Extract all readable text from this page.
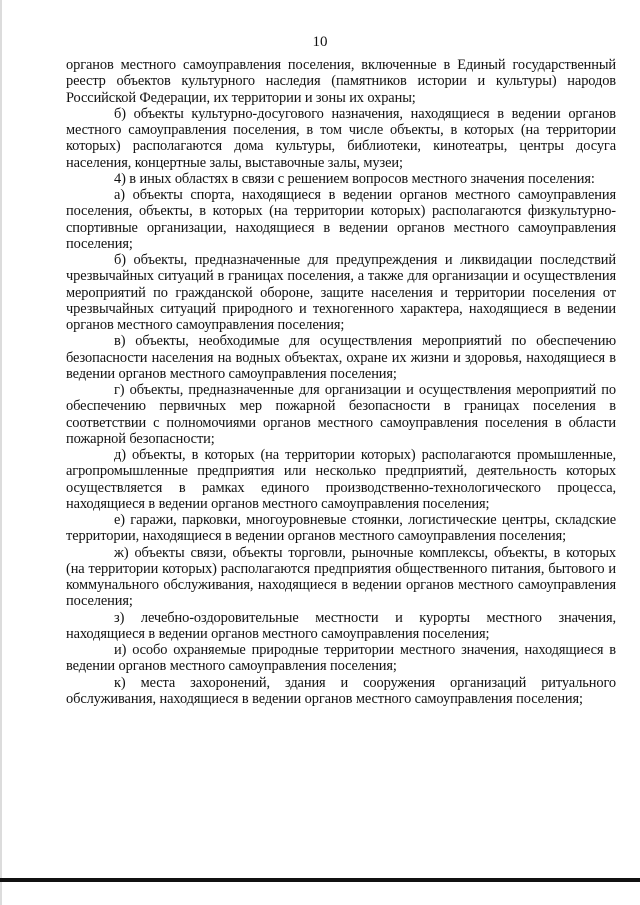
10

органов местного самоуправления поселения, включенные в Единый государственный реестр объектов культурного наследия (памятников истории и культуры) народов Российской Федерации, их территории и зоны их охраны;

б) объекты культурно-досугового назначения, находящиеся в ведении органов местного самоуправления поселения, в том числе объекты, в которых (на территории которых) располагаются дома культуры, библиотеки, кинотеатры, центры досуга населения, концертные залы, выставочные залы, музеи;

4) в иных областях в связи с решением вопросов местного значения поселения:

а) объекты спорта, находящиеся в ведении органов местного самоуправления поселения, объекты, в которых (на территории которых) располагаются физкультурно-спортивные организации, находящиеся в ведении органов местного самоуправления поселения;

б) объекты, предназначенные для предупреждения и ликвидации последствий чрезвычайных ситуаций в границах поселения, а также для организации и осуществления мероприятий по гражданской обороне, защите населения и территории поселения от чрезвычайных ситуаций природного и техногенного характера, находящиеся в ведении органов местного самоуправления поселения;

в) объекты, необходимые для осуществления мероприятий по обеспечению безопасности населения на водных объектах, охране их жизни и здоровья, находящиеся в ведении органов местного самоуправления поселения;

г) объекты, предназначенные для организации и осуществления мероприятий по обеспечению первичных мер пожарной безопасности в границах поселения в соответствии с полномочиями органов местного самоуправления поселения в области пожарной безопасности;

д) объекты, в которых (на территории которых) располагаются промышленные, агропромышленные предприятия или несколько предприятий, деятельность которых осуществляется в рамках единого производственно-технологического процесса, находящиеся в ведении органов местного самоуправления поселения;

е) гаражи, парковки, многоуровневые стоянки, логистические центры, складские территории, находящиеся в ведении органов местного самоуправления поселения;

ж) объекты связи, объекты торговли, рыночные комплексы, объекты, в которых (на территории которых) располагаются предприятия общественного питания, бытового и коммунального обслуживания, находящиеся в ведении органов местного самоуправления поселения;

з) лечебно-оздоровительные местности и курорты местного значения, находящиеся в ведении органов местного самоуправления поселения;

и) особо охраняемые природные территории местного значения, находящиеся в ведении органов местного самоуправления поселения;

к) места захоронений, здания и сооружения организаций ритуального обслуживания, находящиеся в ведении органов местного самоуправления поселения;
